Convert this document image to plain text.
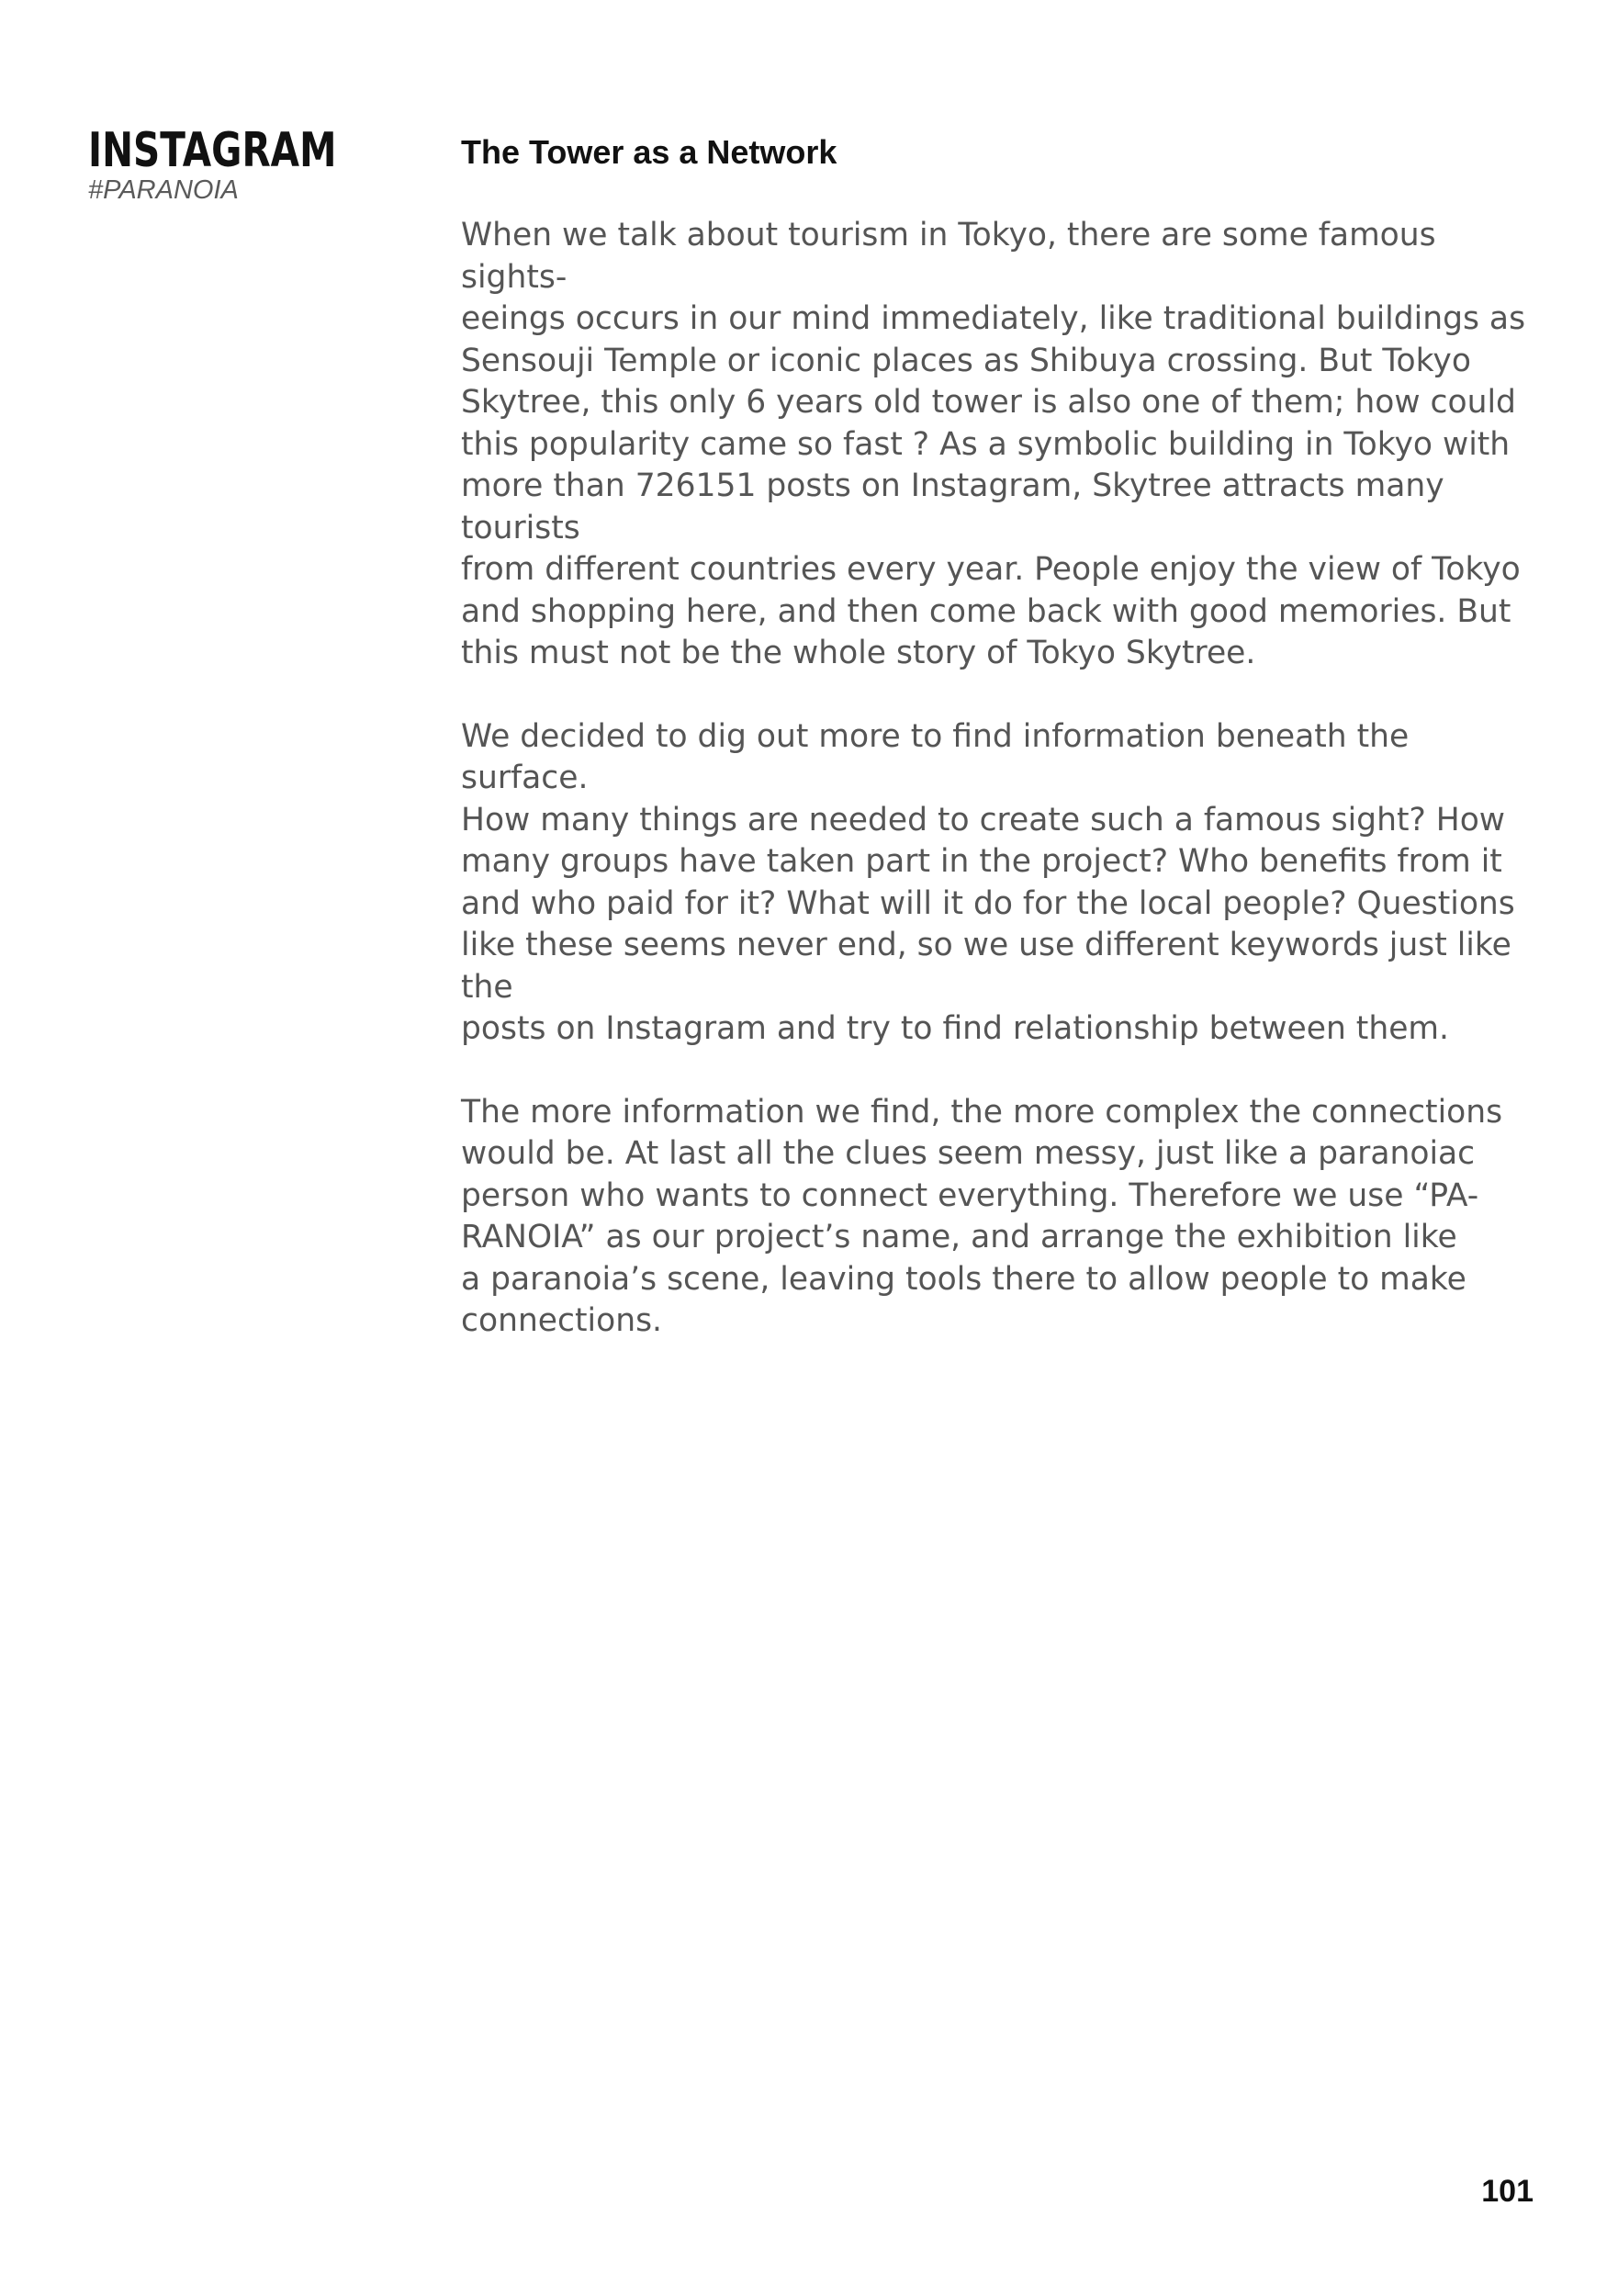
INSTAGRAM
#PARANOIA
The Tower as a Network

When we talk about tourism in Tokyo, there are some famous sights-
eeings occurs in our mind immediately, like traditional buildings as
Sensouji Temple or iconic places as Shibuya crossing. But Tokyo
Skytree, this only 6 years old tower is also one of them; how could
this popularity came so fast ? As a symbolic building in Tokyo with
more than 726151 posts on Instagram, Skytree attracts many tourists
from different countries every year. People enjoy the view of Tokyo
and shopping here, and then come back with good memories. But
this must not be the whole story of Tokyo Skytree.

We decided to dig out more to find information beneath the surface.
How many things are needed to create such a famous sight? How
many groups have taken part in the project? Who benefits from it
and who paid for it? What will it do for the local people? Questions
like these seems never end, so we use different keywords just like the
posts on Instagram and try to find relationship between them.

The more information we find, the more complex the connections
would be. At last all the clues seem messy, just like a paranoiac
person who wants to connect everything. Therefore we use “PA-
RANOIA” as our project’s name, and arrange the exhibition like
a paranoia’s scene, leaving tools there to allow people to make
connections.

101
